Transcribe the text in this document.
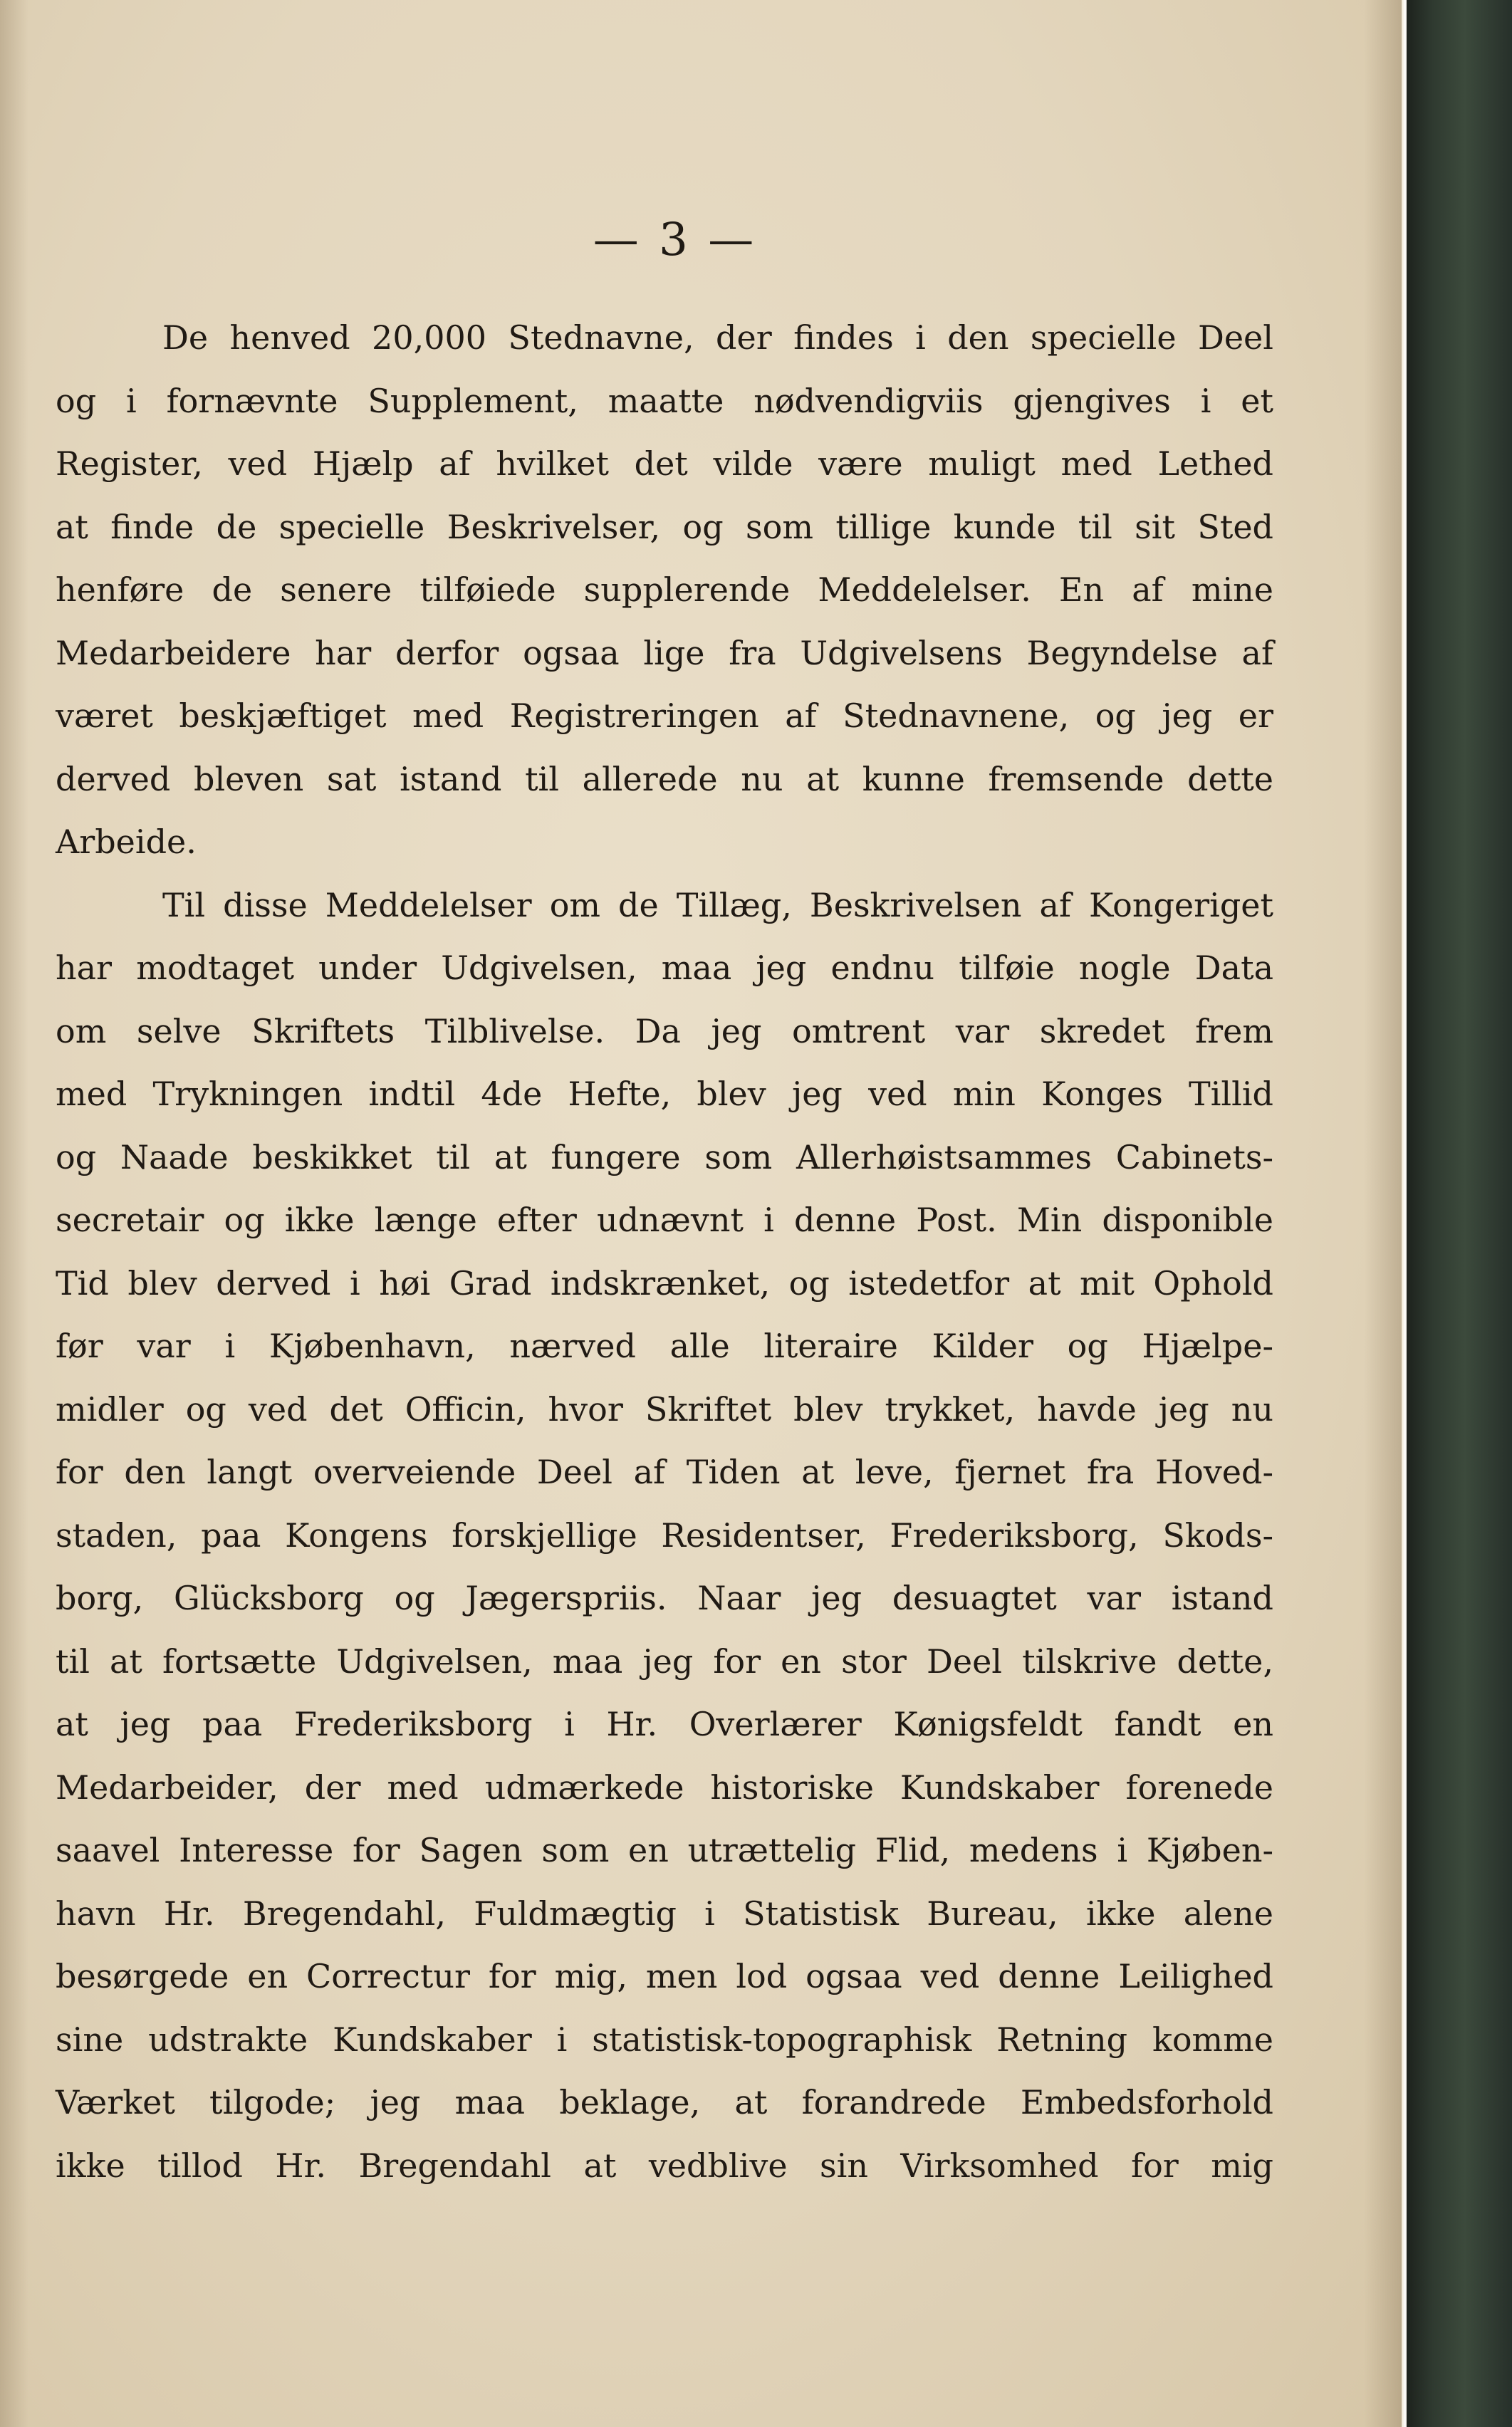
— 3 —
De henved 20,000 Stednavne, der findes i den specielle Deel
og i fornævnte Supplement, maatte nødvendigviis gjengives i et
Register, ved Hjælp af hvilket det vilde være muligt med Lethed
at finde de specielle Beskrivelser, og som tillige kunde til sit Sted
henføre de senere tilføiede supplerende Meddelelser. En af mine
Medarbeidere har derfor ogsaa lige fra Udgivelsens Begyndelse af
været beskjæftiget med Registreringen af Stednavnene, og jeg er
derved bleven sat istand til allerede nu at kunne fremsende dette
Arbeide.
Til disse Meddelelser om de Tillæg, Beskrivelsen af Kongeriget
har modtaget under Udgivelsen, maa jeg endnu tilføie nogle Data
om selve Skriftets Tilblivelse. Da jeg omtrent var skredet frem
med Trykningen indtil 4de Hefte, blev jeg ved min Konges Tillid
og Naade beskikket til at fungere som Allerhøistsammes Cabinets-
secretair og ikke længe efter udnævnt i denne Post. Min disponible
Tid blev derved i høi Grad indskrænket, og istedetfor at mit Ophold
før var i Kjøbenhavn, nærved alle literaire Kilder og Hjælpe-
midler og ved det Officin, hvor Skriftet blev trykket, havde jeg nu
for den langt overveiende Deel af Tiden at leve, fjernet fra Hoved-
staden, paa Kongens forskjellige Residentser, Frederiksborg, Skods-
borg, Glücksborg og Jægerspriis. Naar jeg desuagtet var istand
til at fortsætte Udgivelsen, maa jeg for en stor Deel tilskrive dette,
at jeg paa Frederiksborg i Hr. Overlærer Kønigsfeldt fandt en
Medarbeider, der med udmærkede historiske Kundskaber forenede
saavel Interesse for Sagen som en utrættelig Flid, medens i Kjøben-
havn Hr. Bregendahl, Fuldmægtig i Statistisk Bureau, ikke alene
besørgede en Correctur for mig, men lod ogsaa ved denne Leilighed
sine udstrakte Kundskaber i statistisk-topographisk Retning komme
Værket tilgode; jeg maa beklage, at forandrede Embedsforhold
ikke tillod Hr. Bregendahl at vedblive sin Virksomhed for mig
